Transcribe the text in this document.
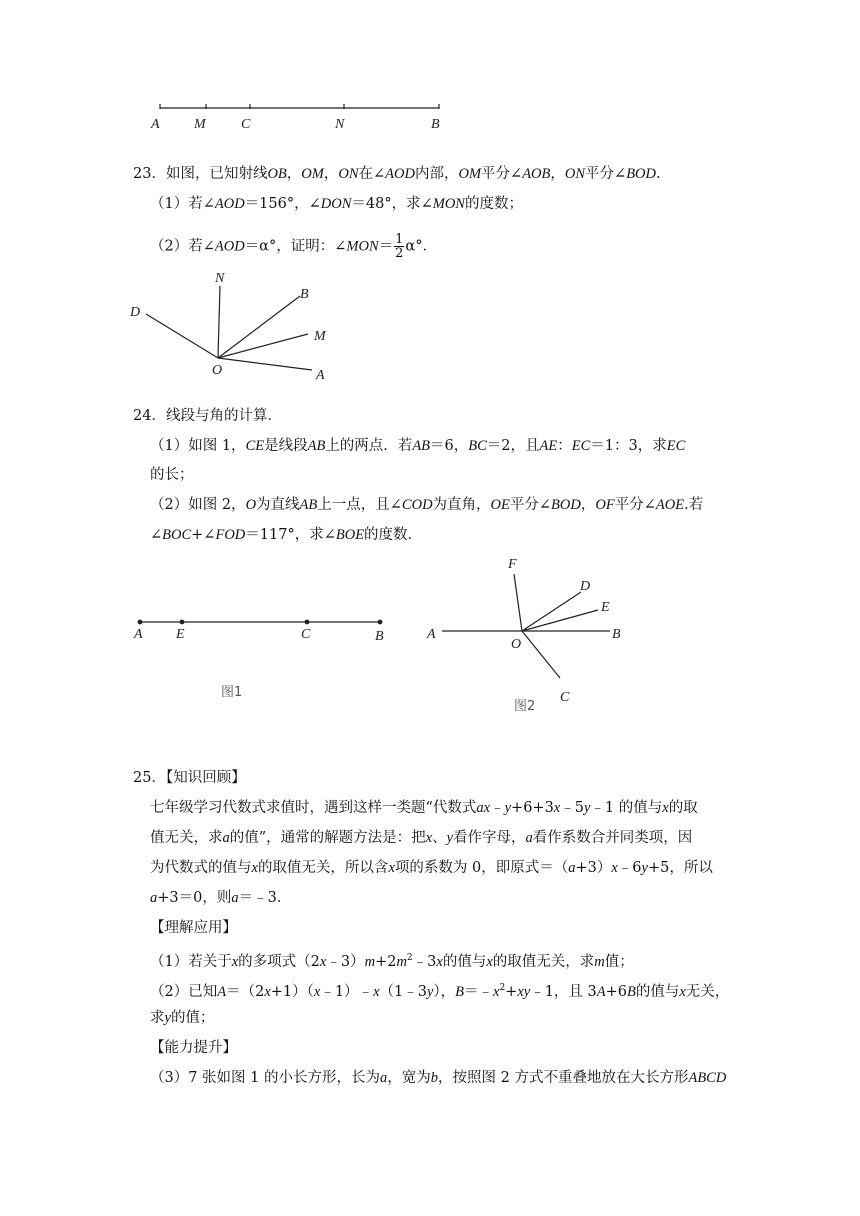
A M	C	N	B
23．如图，已知射线OB，OM，ON在∠AOD内部，OM平分∠AOB，ON平分∠BOD.
（1）若∠AOD＝156°，∠DON＝48°，求∠MON的度数；
（2）若∠AOD＝α°，证明：∠MON＝ $\frac{1}{2} \alpha^\circ$．
N
B
D
M
O	A
24．线段与角的计算．
（1）如图 1，CE是线段AB上的两点．若AB＝6，BC＝2，且AE：EC＝1：3，求EC
的长；
（2）如图 2，O为直线AB上一点，且∠COD为直角，OE平分∠BOD，OF平分∠AOE.若
∠BOC+∠FOD＝117°，求∠BOE的度数．
A E	C	B
图1
F
D
E
A
O
B
C
图2
25．【知识回顾】
七年级学习代数式求值时，遇到这样一类题“代数式ax﹣y+6+3x﹣5y﹣1 的值与x的取
值无关，求a的值”，通常的解题方法是：把x、y看作字母，a看作系数合并同类项，因
为代数式的值与x的取值无关，所以含x项的系数为 0，即原式＝（a+3）x﹣6y+5，所以
a+3＝0，则a＝﹣3．
【理解应用】
（1）若关于x的多项式$(2x﹣3)m+2m^2﹣3x$的值与x的取值无关，求m值；
（2）已知A＝（2x+1）（x﹣1）﹣x（1﹣3y），$B=﹣x^2+xy﹣1$，且 3A+6B的值与x无关，
求y的值；
【能力提升】
（3）7 张如图 1 的小长方形，长为a，宽为b，按照图 2 方式不重叠地放在大长方形ABCD
